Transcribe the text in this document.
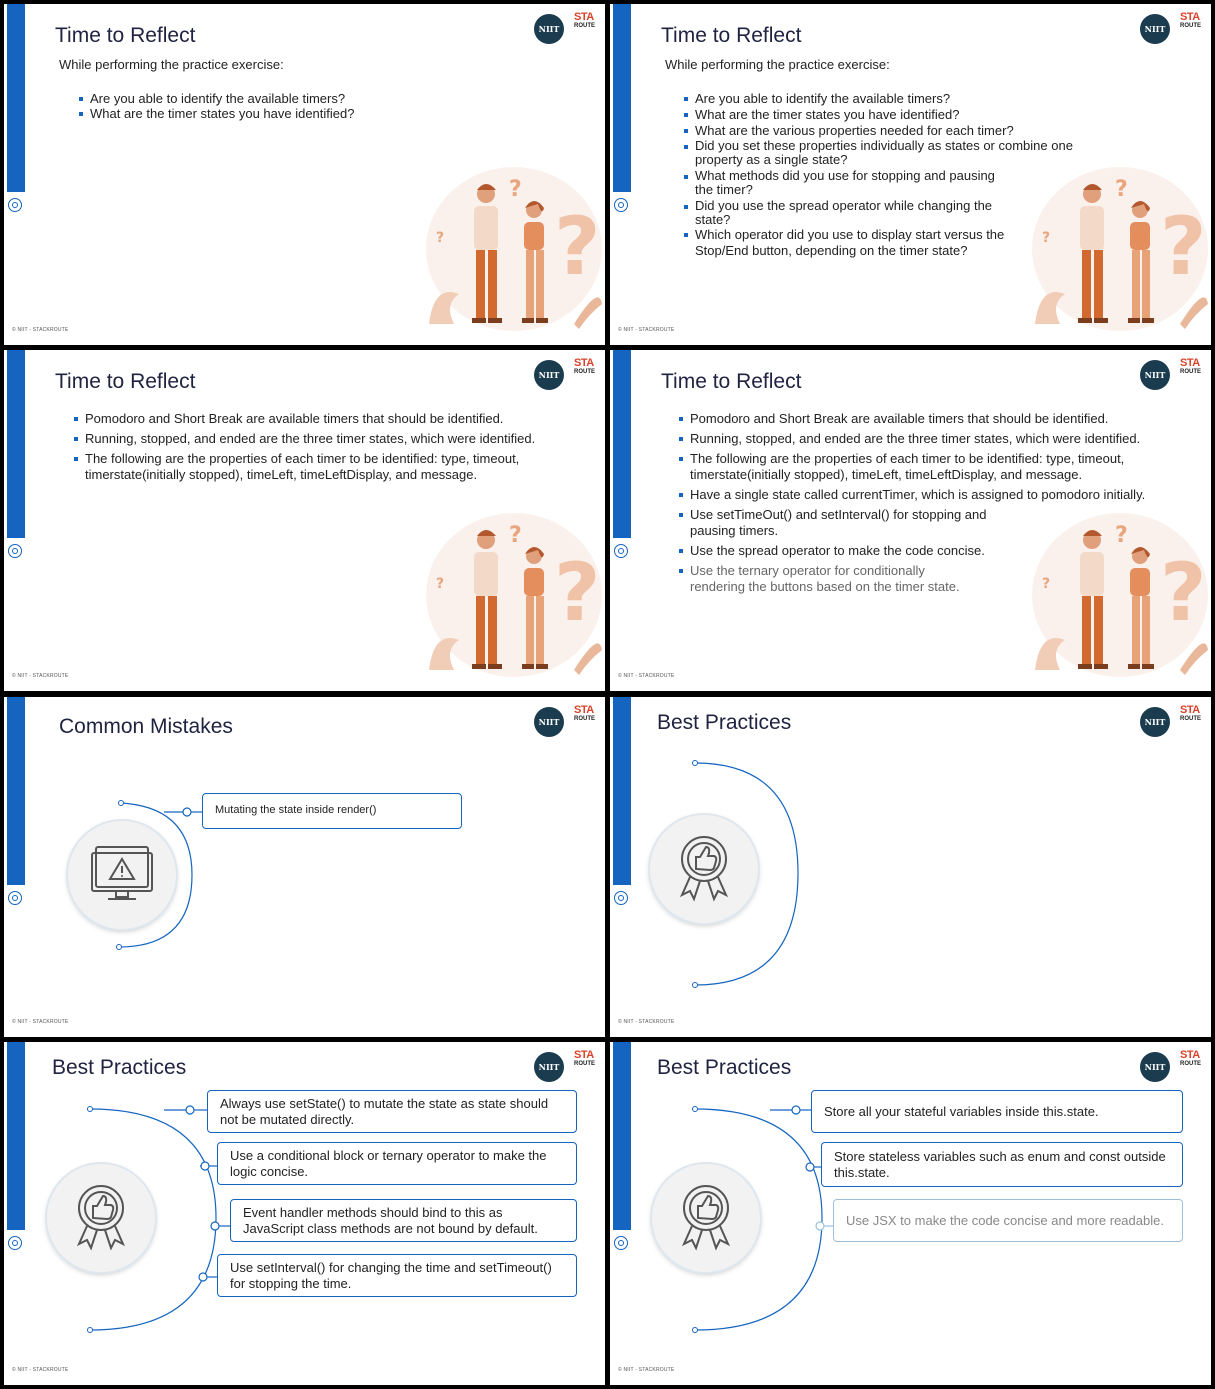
Time to Reflect	NIIT
STA
ROUTE
While performing the practice exercise:
Are you able to identify the available timers?
What are the timer states you have identified?
?
?
?
© NIIT - STACKROUTE
Time to Reflect	NIIT
STA
ROUTE
While performing the practice exercise:
Are you able to identify the available timers?
What are the timer states you have identified?
What are the various properties needed for each timer?
Did you set these properties individually as states or combine one property as a single state?
What methods did you use for stopping and pausing the timer?
Did you use the spread operator while changing the state?
Which operator did you use to display start versus the Stop/End button, depending on the timer state?	?
?
?
© NIIT - STACKROUTE
Time to Reflect	NIIT
STA
ROUTE
Pomodoro and Short Break are available timers that should be identified.
Running, stopped, and ended are the three timer states, which were identified.
The following are the properties of each timer to be identified: type, timeout, timerstate(initially stopped), timeLeft, timeLeftDisplay, and message.
?
?
?
© NIIT - STACKROUTE
Time to Reflect	NIIT
STA
ROUTE
Pomodoro and Short Break are available timers that should be identified.
Running, stopped, and ended are the three timer states, which were identified.
The following are the properties of each timer to be identified: type, timeout, timerstate(initially stopped), timeLeft, timeLeftDisplay, and message.
Have a single state called currentTimer, which is assigned to pomodoro initially.
Use setTimeOut() and setInterval() for stopping and pausing timers.
Use the spread operator to make the code concise.
Use the ternary operator for conditionally rendering the buttons based on the timer state.	?
?
?
© NIIT - STACKROUTE
Common Mistakes	NIIT
STA
ROUTE
Mutating the state inside render()
© NIIT - STACKROUTE
Best Practices	NIIT
STA
ROUTE
© NIIT - STACKROUTE
Best Practices	NIIT
STA
ROUTE
Always use setState() to mutate the state as state should not be mutated directly.
Use a conditional block or ternary operator to make the logic concise.
Event handler methods should bind to this as JavaScript class methods are not bound by default.
Use setInterval() for changing the time and setTimeout() for stopping the time.
© NIIT - STACKROUTE
Best Practices	NIIT
STA
ROUTE
Store all your stateful variables inside this.state.
Store stateless variables such as enum and const outside this.state.
Use JSX to make the code concise and more readable.
© NIIT - STACKROUTE
